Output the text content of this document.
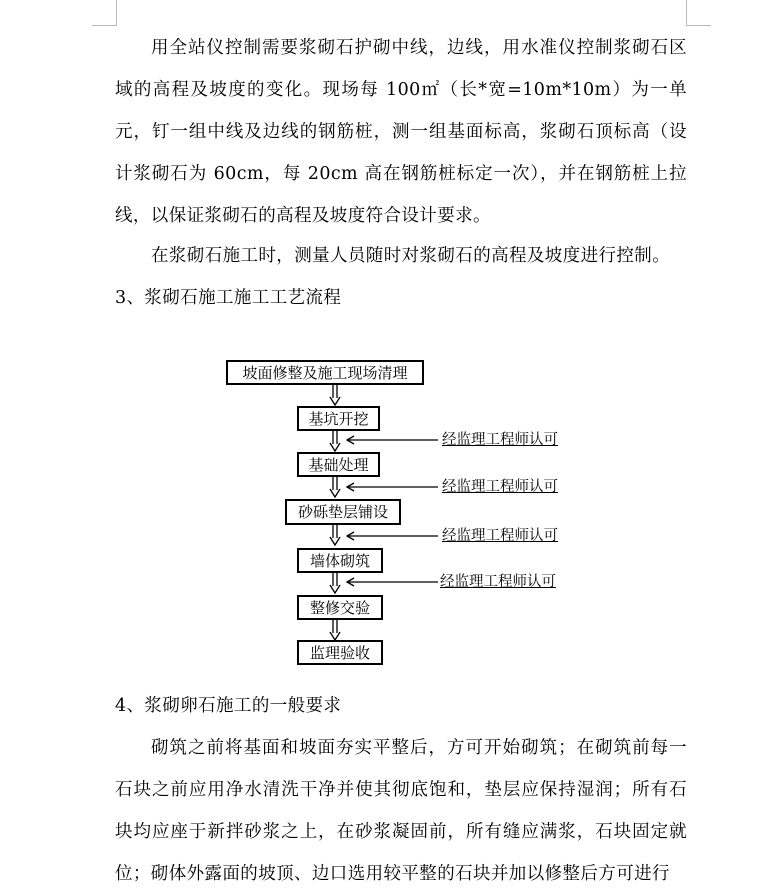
用全站仪控制需要浆砌石护砌中线，边线，用水准仪控制浆砌石区域的高程及坡度的变化。现场每 100㎡（长*宽=10m*10m）为一单元，钉一组中线及边线的钢筋桩，测一组基面标高，浆砌石顶标高（设计浆砌石为 60cm，每 20cm 高在钢筋桩标定一次），并在钢筋桩上拉线，以保证浆砌石的高程及坡度符合设计要求。

在浆砌石施工时，测量人员随时对浆砌石的高程及坡度进行控制。

3、浆砌石施工施工工艺流程

坡面修整及施工现场清理
基坑开挖
基础处理
砂砾垫层铺设
墙体砌筑
整修交验
监理验收
经监理工程师认可
经监理工程师认可
经监理工程师认可
经监理工程师认可

4、浆砌卵石施工的一般要求

砌筑之前将基面和坡面夯实平整后，方可开始砌筑；在砌筑前每一石块之前应用净水清洗干净并使其彻底饱和，垫层应保持湿润；所有石块均应座于新拌砂浆之上，在砂浆凝固前，所有缝应满浆，石块固定就位；砌体外露面的坡顶、边口选用较平整的石块并加以修整后方可进行
